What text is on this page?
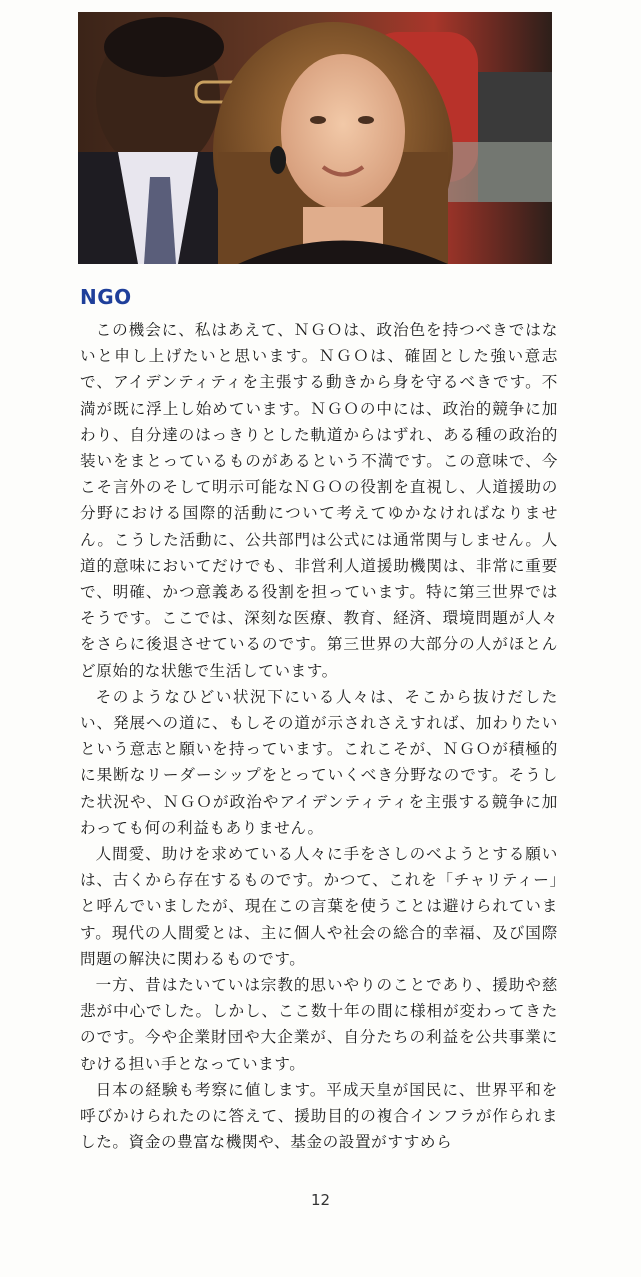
NGO

この機会に、私はあえて、ＮＧＯは、政治色を持つべきではないと申し上げたいと思います。ＮＧＯは、確固とした強い意志で、アイデンティティを主張する動きから身を守るべきです。不満が既に浮上し始めています。ＮＧＯの中には、政治的競争に加わり、自分達のはっきりとした軌道からはずれ、ある種の政治的装いをまとっているものがあるという不満です。この意味で、今こそ言外のそして明示可能なＮＧＯの役割を直視し、人道援助の分野における国際的活動について考えてゆかなければなりません。こうした活動に、公共部門は公式には通常関与しません。人道的意味においてだけでも、非営利人道援助機関は、非常に重要で、明確、かつ意義ある役割を担っています。特に第三世界ではそうです。ここでは、深刻な医療、教育、経済、環境問題が人々をさらに後退させているのです。第三世界の大部分の人がほとんど原始的な状態で生活しています。

そのようなひどい状況下にいる人々は、そこから抜けだしたい、発展への道に、もしその道が示されさえすれば、加わりたいという意志と願いを持っています。これこそが、ＮＧＯが積極的に果断なリーダーシップをとっていくべき分野なのです。そうした状況や、ＮＧＯが政治やアイデンティティを主張する競争に加わっても何の利益もありません。

人間愛、助けを求めている人々に手をさしのべようとする願いは、古くから存在するものです。かつて、これを「チャリティー」と呼んでいましたが、現在この言葉を使うことは避けられています。現代の人間愛とは、主に個人や社会の総合的幸福、及び国際問題の解決に関わるものです。

一方、昔はたいていは宗教的思いやりのことであり、援助や慈悲が中心でした。しかし、ここ数十年の間に様相が変わってきたのです。今や企業財団や大企業が、自分たちの利益を公共事業にむける担い手となっています。

日本の経験も考察に値します。平成天皇が国民に、世界平和を呼びかけられたのに答えて、援助目的の複合インフラが作られました。資金の豊富な機関や、基金の設置がすすめら

12
